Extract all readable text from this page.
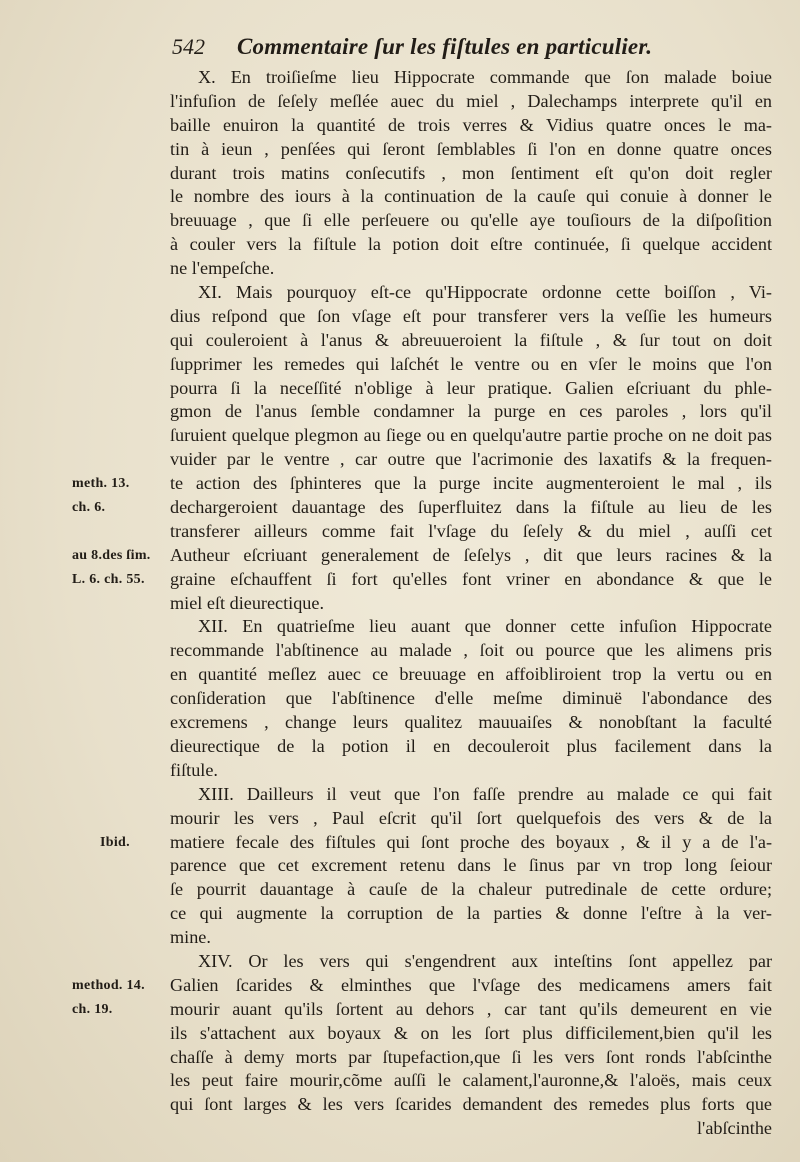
542 Commentaire ſur les fiſtules en particulier.
X. En troiſieſme lieu Hippocrate commande que ſon malade boiue
l'infuſion de ſeſely meſlée auec du miel , Dalechamps interprete qu'il en
baille enuiron la quantité de trois verres & Vidius quatre onces le ma-
tin à ieun , penſées qui ſeront ſemblables ſi l'on en donne quatre onces
durant trois matins conſecutifs , mon ſentiment eſt qu'on doit regler
le nombre des iours à la continuation de la cauſe qui conuie à donner le
breuuage , que ſi elle perſeuere ou qu'elle aye touſiours de la diſpoſition
à couler vers la fiſtule la potion doit eſtre continuée, ſi quelque accident
ne l'empeſche.
XI. Mais pourquoy eſt-ce qu'Hippocrate ordonne cette boiſſon , Vi-
dius reſpond que ſon vſage eſt pour transferer vers la veſſie les humeurs
qui couleroient à l'anus & abreuueroient la fiſtule , & ſur tout on doit
ſupprimer les remedes qui laſchét le ventre ou en vſer le moins que l'on
pourra ſi la neceſſité n'oblige à leur pratique. Galien eſcriuant du phle-
gmon de l'anus ſemble condamner la purge en ces paroles , lors qu'il
ſuruient quelque plegmon au ſiege ou en quelqu'autre partie proche on ne doit pas
vuider par le ventre , car outre que l'acrimonie des laxatifs & la frequen-
te action des ſphinteres que la purge incite augmenteroient le mal , ils
dechargeroient dauantage des ſuperfluitez dans la fiſtule au lieu de les
transferer ailleurs comme fait l'vſage du ſeſely & du miel , auſſi cet
Autheur eſcriuant generalement de ſeſelys , dit que leurs racines & la
graine eſchauffent ſi fort qu'elles font vriner en abondance & que le
miel eſt dieurectique.
XII. En quatrieſme lieu auant que donner cette infuſion Hippocrate
recommande l'abſtinence au malade , ſoit ou pource que les alimens pris
en quantité meſlez auec ce breuuage en affoibliroient trop la vertu ou en
conſideration que l'abſtinence d'elle meſme diminuë l'abondance des
excremens , change leurs qualitez mauuaiſes & nonobſtant la faculté
dieurectique de la potion il en decouleroit plus facilement dans la
fiſtule.
XIII. Dailleurs il veut que l'on faſſe prendre au malade ce qui fait
mourir les vers , Paul eſcrit qu'il ſort quelquefois des vers & de la
matiere fecale des fiſtules qui ſont proche des boyaux , & il y a de l'a-
parence que cet excrement retenu dans le ſinus par vn trop long ſeiour
ſe pourrit dauantage à cauſe de la chaleur putredinale de cette ordure;
ce qui augmente la corruption de la parties & donne l'eſtre à la ver-
mine.
XIV. Or les vers qui s'engendrent aux inteſtins ſont appellez par
Galien ſcarides & elminthes que l'vſage des medicamens amers fait
mourir auant qu'ils ſortent au dehors , car tant qu'ils demeurent en vie
ils s'attachent aux boyaux & on les ſort plus difficilement,bien qu'il les
chaſſe à demy morts par ſtupefaction,que ſi les vers ſont ronds l'abſcinthe
les peut faire mourir,cõme auſſi le calament,l'auronne,& l'aloës, mais ceux
qui ſont larges & les vers ſcarides demandent des remedes plus forts que
l'abſcinthe
meth. 13.
ch. 6.
au 8.des ſim.
L. 6. ch. 55.
Ibid.
method. 14.
ch. 19.
